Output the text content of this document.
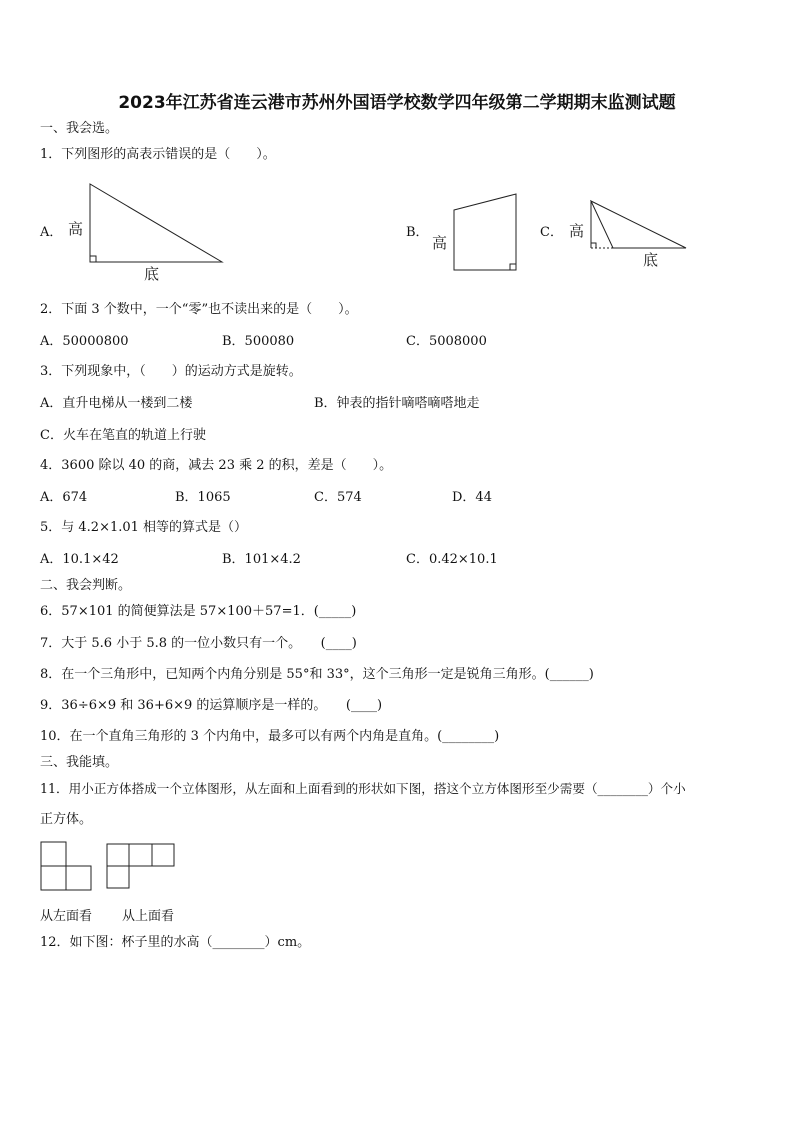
2023年江苏省连云港市苏州外国语学校数学四年级第二学期期末监测试题
一、我会选。
1．下列图形的高表示错误的是（　　）。
A． 高
底
B．
高
C． 高
底
2．下面 3 个数中，一个“零”也不读出来的是（　　）。
A．50000800	B．500080	C．5008000
3．下列现象中，（　　）的运动方式是旋转。
A．直升电梯从一楼到二楼	B．钟表的指针嘀嗒嘀嗒地走
C．火车在笔直的轨道上行驶
4．3600 除以 40 的商，减去 23 乘 2 的积，差是（　　）。
A．674	B．1065	C．574	D．44
5．与 4.2×1.01 相等的算式是（）
A．10.1×42	B．101×4.2	C．0.42×10.1
二、我会判断。
6．57×101 的简便算法是 57×100＋57=1．(_____)
7．大于 5.6 小于 5.8 的一位小数只有一个。　　(____)
8．在一个三角形中，已知两个内角分别是 55°和 33°，这个三角形一定是锐角三角形。(______)
9．36÷6×9 和 36+6×9 的运算顺序是一样的。　　(____)
10．在一个直角三角形的 3 个内角中，最多可以有两个内角是直角。(________)
三、我能填。
11．用小正方体搭成一个立体图形，从左面和上面看到的形状如下图，搭这个立方体图形至少需要（________）个小
正方体。
从左面看 从上面看
12．如下图：杯子里的水高（________）cm。
